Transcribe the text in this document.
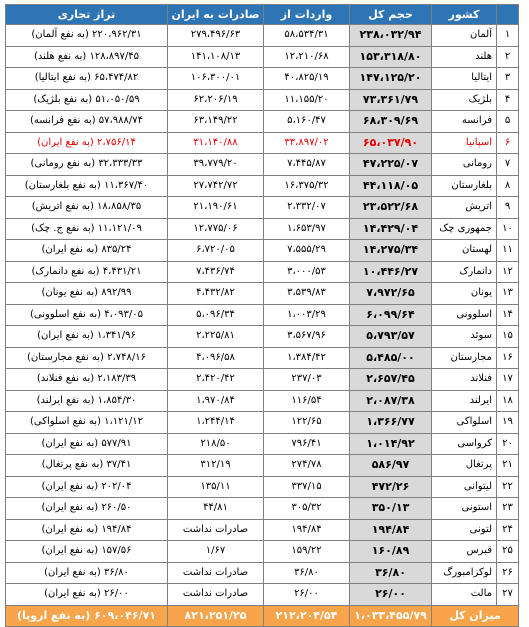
	کشور	حجم کل	واردات از	صادرات به ایران	تراز تجاری
۱	آلمان	۲۳۸،۰۳۲/۹۴	۵۸،۵۳۴/۳۱	۲۷۹،۴۹۶/۶۳	۲۲۰،۹۶۲/۳۱ (به نفع آلمان)
۲	هلند	۱۵۳،۳۱۸/۸۰	۱۲،۲۱۰/۶۸	۱۴۱،۱۰۸/۱۳	۱۲۸،۸۹۷/۴۵ (به نفع هلند)
۳	ایتالیا	۱۴۷،۱۲۵/۲۰	۴۰،۸۲۵/۱۹	۱۰۶،۳۰۰/۰۱	۶۵،۴۷۴/۸۲ (به نفع ایتالیا)
۴	بلژیک	۷۳،۳۶۱/۷۹	۱۱،۱۵۵/۲۰	۶۲،۲۰۶/۱۹	۵۱،۰۵۰/۵۹ (به نفع بلژیک)
۵	فرانسه	۶۸،۳۰۹/۶۹	۵،۱۶۰/۴۷	۶۳،۱۴۹/۲۲	۵۷،۹۸۸/۷۴ (به نفع فرانسه)
۶	اسپانیا	۶۵،۰۳۷/۹۰	۳۳،۸۹۷/۰۲	۳۱،۱۴۰/۸۸	۲،۷۵۶/۱۴ (به نفع ایران)
۷	رومانی	۴۷،۲۲۵/۰۷	۷،۴۴۵/۸۷	۳۹،۷۷۹/۲۰	۳۲،۳۳۳/۳۳ (به نفع رومانی)
۸	بلغارستان	۴۴،۱۱۸/۰۵	۱۶،۳۷۵/۳۲	۲۷،۷۴۲/۷۲	۱۱،۳۶۷/۴۰ (به نفع بلغارستان)
۹	اتریش	۲۳،۵۲۲/۶۸	۲،۳۳۲/۰۷	۲۱،۱۹۰/۶۱	۱۸،۸۵۸/۳۵ (به نفع اتریش)
۱۰	جمهوری چک	۱۴،۴۲۹/۰۴	۱،۶۵۳/۹۷	۱۲،۷۷۵/۰۶	۱۱،۱۲۱/۰۹ (به نفع ج. چک)
۱۱	لهستان	۱۴،۲۷۵/۳۴	۷،۵۵۵/۲۹	۶،۷۲۰/۰۵	۸۳۵/۲۴ (به نفع ایران)
۱۲	دانمارک	۱۰،۴۴۶/۲۷	۳،۰۰۰/۵۳	۷،۴۳۶/۷۴	۴،۴۳۱/۲۱ (به نفع دانمارک)
۱۳	یونان	۷،۹۷۲/۶۵	۳،۵۳۹/۸۳	۴،۴۳۲/۸۲	۸۹۲/۹۹ (به نفع یونان)
۱۴	اسلوونی	۶،۰۹۹/۶۴	۱،۰۰۳/۲۹	۵،۰۹۶/۳۴	۴،۰۹۳/۰۵ (به نفع اسلوونی)
۱۵	سوئد	۵،۷۹۳/۵۷	۳،۵۶۷/۹۶	۲،۲۲۵/۸۱	۱،۳۴۱/۹۶ (به نفع ایران)
۱۶	مجارستان	۵،۴۸۵/۰۰	۱،۳۸۴/۴۲	۴،۰۹۶/۵۸	۲،۷۴۸/۱۶ (به نفع مجارستان)
۱۷	فنلاند	۲،۶۵۷/۴۵	۲۳۷/۰۳	۲،۴۲۰/۴۲	۲،۱۸۳/۳۹ (به نفع فنلاند)
۱۸	ایرلند	۲،۰۸۷/۳۸	۱۱۶/۵۴	۱،۹۷۰/۸۴	۱،۸۵۴/۳۰ (به نفع ایرلند)
۱۹	اسلواکی	۱،۳۶۶/۷۷	۱۲۲/۶۵	۱،۲۴۴/۱۴	۱،۱۲۱/۱۲ (به نفع اسلواکی)
۲۰	کرواسی	۱،۰۱۴/۹۲	۷۹۶/۴۱	۲۱۸/۵۰	۵۷۷/۹۱ (به نفع ایران)
۲۱	پرتغال	۵۸۶/۹۷	۲۷۴/۷۸	۳۱۲/۱۹	۳۷/۴۱ (به نفع پرتغال)
۲۲	لیتوانی	۴۷۲/۲۶	۳۳۷/۱۵	۱۳۵/۱۱	۲۰۲/۰۴ (به نفع ایران)
۲۳	استونی	۳۵۰/۱۳	۳۰۵/۳۲	۴۴/۸۱	۲۶۰/۵۰ (به نفع ایران)
۲۴	لتونی	۱۹۴/۸۴	۱۹۴/۸۴	صادرات نداشت	۱۹۴/۸۴ (به نفع ایران)
۲۵	قبرس	۱۶۰/۸۹	۱۵۹/۲۲	۱/۶۷	۱۵۷/۵۶ (به نفع ایران)
۲۶	لوکزامبورگ	۳۶/۸۰	۳۶/۸۰	صادرات نداشت	۳۶/۸۰ (به نفع ایران)
۲۷	مالت	۲۶/۰۰	۲۶/۰۰	صادرات نداشت	۲۶/۰۰ (به نفع ایران)
میزان کل		۱،۰۳۳،۴۵۵/۷۹	۲۱۲،۲۰۴/۵۴	۸۲۱،۲۵۱/۲۵	۶۰۹،۰۴۶/۷۱ (به نفع اروپا)
